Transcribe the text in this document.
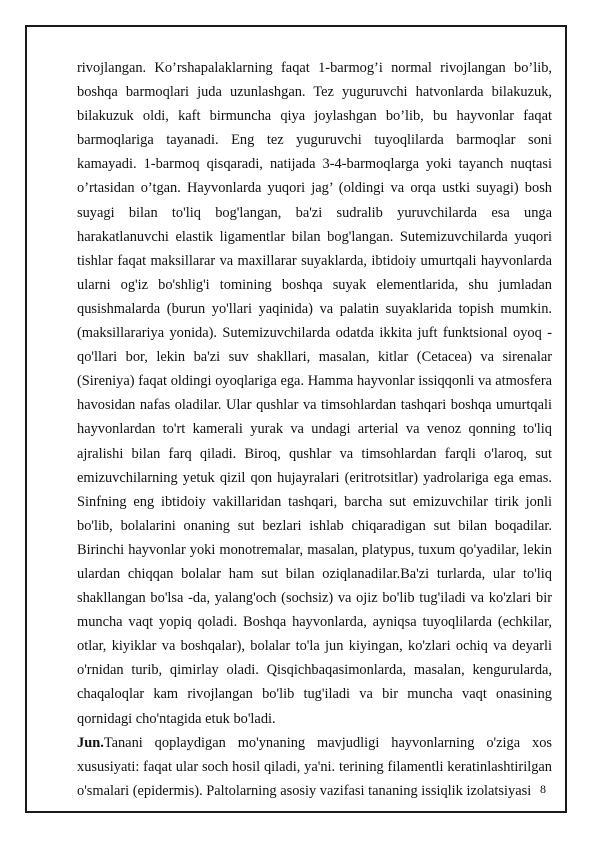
rivojlangan. Ko’rshapalaklarning faqat 1-barmog’i normal rivojlangan bo’lib, boshqa barmoqlari juda uzunlashgan. Tez yuguruvchi hatvonlarda bilakuzuk, bilakuzuk oldi, kaft birmuncha qiya joylashgan bo’lib, bu hayvonlar faqat barmoqlariga tayanadi. Eng tez yuguruvchi tuyoqlilarda barmoqlar soni kamayadi. 1-barmoq qisqaradi, natijada 3-4-barmoqlarga yoki tayanch nuqtasi o’rtasidan o’tgan. Hayvonlarda yuqori jag’ (oldingi va orqa ustki suyagi) bosh suyagi bilan to'liq bog'langan, ba'zi sudralib yuruvchilarda esa unga harakatlanuvchi elastik ligamentlar bilan bog'langan. Sutemizuvchilarda yuqori tishlar faqat maksillarar va maxillarar suyaklarda, ibtidoiy umurtqali hayvonlarda ularni og'iz bo'shlig'i tomining boshqa suyak elementlarida, shu jumladan qusishmalarda (burun yo'llari yaqinida) va palatin suyaklarida topish mumkin. (maksillarariya yonida). Sutemizuvchilarda odatda ikkita juft funktsional oyoq -qo'llari bor, lekin ba'zi suv shakllari, masalan, kitlar (Cetacea) va sirenalar (Sireniya) faqat oldingi oyoqlariga ega. Hamma hayvonlar issiqqonli va atmosfera havosidan nafas oladilar. Ular qushlar va timsohlardan tashqari boshqa umurtqali hayvonlardan to'rt kamerali yurak va undagi arterial va venoz qonning to'liq ajralishi bilan farq qiladi. Biroq, qushlar va timsohlardan farqli o'laroq, sut emizuvchilarning yetuk qizil qon hujayralari (eritrotsitlar) yadrolariga ega emas. Sinfning eng ibtidoiy vakillaridan tashqari, barcha sut emizuvchilar tirik jonli bo'lib, bolalarini onaning sut bezlari ishlab chiqaradigan sut bilan boqadilar. Birinchi hayvonlar yoki monotremalar, masalan, platypus, tuxum qo'yadilar, lekin ulardan chiqqan bolalar ham sut bilan oziqlanadilar.Ba'zi turlarda, ular to'liq shakllangan bo'lsa -da, yalang'och (sochsiz) va ojiz bo'lib tug'iladi va ko'zlari bir muncha vaqt yopiq qoladi. Boshqa hayvonlarda, ayniqsa tuyoqlilarda (echkilar, otlar, kiyiklar va boshqalar), bolalar to'la jun kiyingan, ko'zlari ochiq va deyarli o'rnidan turib, qimirlay oladi. Qisqichbaqasimonlarda, masalan, kengurularda, chaqaloqlar kam rivojlangan bo'lib tug'iladi va bir muncha vaqt onasining qornidagi cho'ntagida etuk bo'ladi.

Jun.Tanani qoplaydigan mo'ynaning mavjudligi hayvonlarning o'ziga xos xususiyati: faqat ular soch hosil qiladi, ya'ni. terining filamentli keratinlashtirilgan o'smalari (epidermis). Paltolarning asosiy vazifasi tananing issiqlik izolatsiyasi 8
